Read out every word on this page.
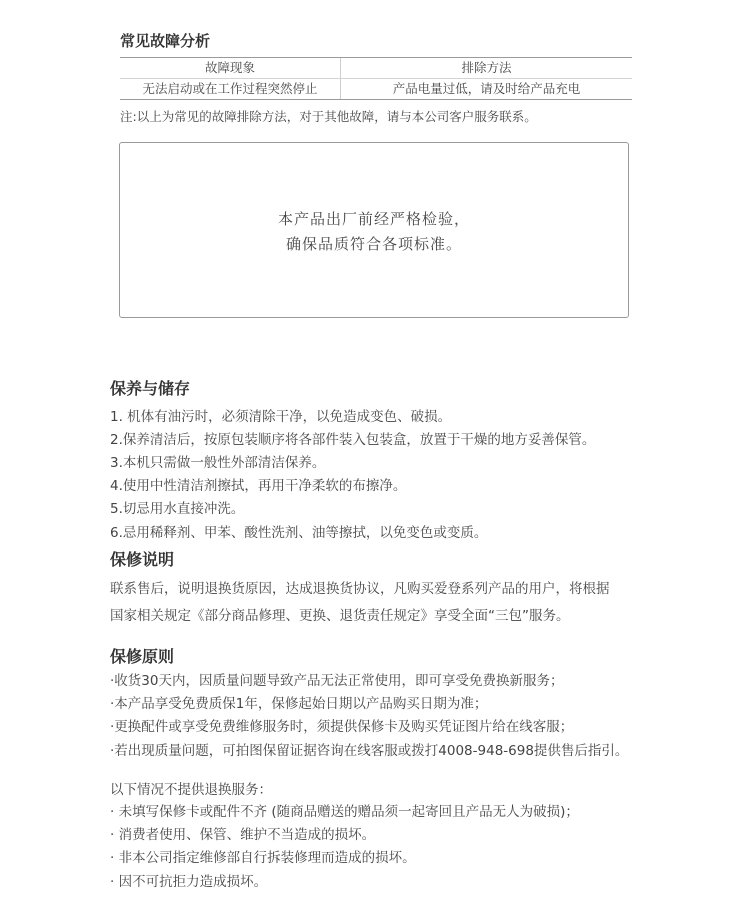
常见故障分析
故障现象	排除方法
无法启动或在工作过程突然停止	产品电量过低，请及时给产品充电
注:以上为常见的故障排除方法，对于其他故障，请与本公司客户服务联系。
本产品出厂前经严格检验，
确保品质符合各项标准。
保养与储存
1. 机体有油污时，必须清除干净，以免造成变色、破损。
2.保养清洁后，按原包装顺序将各部件装入包装盒，放置于干燥的地方妥善保管。
3.本机只需做一般性外部清洁保养。
4.使用中性清洁剂擦拭，再用干净柔软的布擦净。
5.切忌用水直接冲洗。
6.忌用稀释剂、甲苯、酸性洗剂、油等擦拭，以免变色或变质。
保修说明
联系售后，说明退换货原因，达成退换货协议，凡购买爱登系列产品的用户，将根据
国家相关规定《部分商品修理、更换、退货责任规定》享受全面“三包”服务。
保修原则
·收货30天内，因质量问题导致产品无法正常使用，即可享受免费换新服务；
·本产品享受免费质保1年，保修起始日期以产品购买日期为准；
·更换配件或享受免费维修服务时，须提供保修卡及购买凭证图片给在线客服；
·若出现质量问题，可拍图保留证据咨询在线客服或拨打4008-948-698提供售后指引。
以下情况不提供退换服务：
· 未填写保修卡或配件不齐 (随商品赠送的赠品须一起寄回且产品无人为破损)；
· 消费者使用、保管、维护不当造成的损坏。
· 非本公司指定维修部自行拆装修理而造成的损坏。
· 因不可抗拒力造成损坏。
